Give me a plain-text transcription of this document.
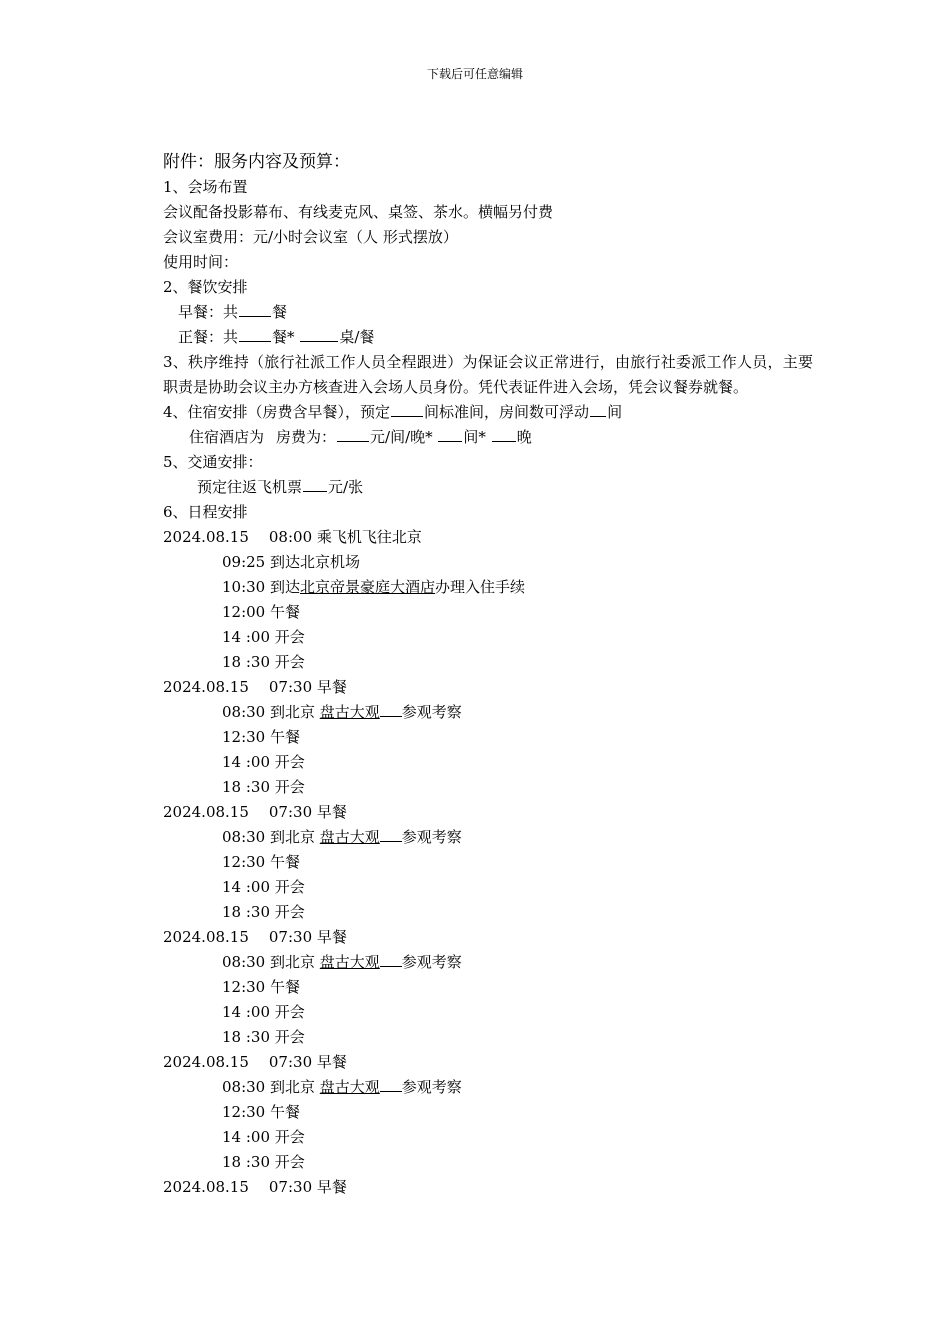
下载后可任意编辑
附件：服务内容及预算：
1、会场布置
会议配备投影幕布、有线麦克风、桌签、茶水。横幅另付费
会议室费用：元/小时会议室（人 形式摆放）
使用时间：
2、餐饮安排
早餐：共 餐
正餐：共 餐*	桌/餐
3、秩序维持（旅行社派工作人员全程跟进）为保证会议正常进行，由旅行社委派工作人员，主要职责是协助会议主办方核查进入会场人员身份。凭代表证件进入会场，凭会议餐券就餐。
4、住宿安排（房费含早餐），预定 间标准间，房间数可浮动 间
住宿酒店为 房费为： 元/间/晚* 间* 晚
5、交通安排：
预定往返飞机票 元/张
6、日程安排
2024.08.15 08:00 乘飞机飞往北京
09:25 到达北京机场
10:30 到达北京帝景豪庭大酒店办理入住手续
12:00 午餐
14 :00 开会
18 :30 开会
2024.08.15 07:30 早餐
08:30 到北京 盘古大观 参观考察
12:30 午餐
14 :00 开会
18 :30 开会
2024.08.15 07:30 早餐
08:30 到北京 盘古大观 参观考察
12:30 午餐
14 :00 开会
18 :30 开会
2024.08.15 07:30 早餐
08:30 到北京 盘古大观 参观考察
12:30 午餐
14 :00 开会
18 :30 开会
2024.08.15 07:30 早餐
08:30 到北京 盘古大观 参观考察
12:30 午餐
14 :00 开会
18 :30 开会
2024.08.15 07:30 早餐
